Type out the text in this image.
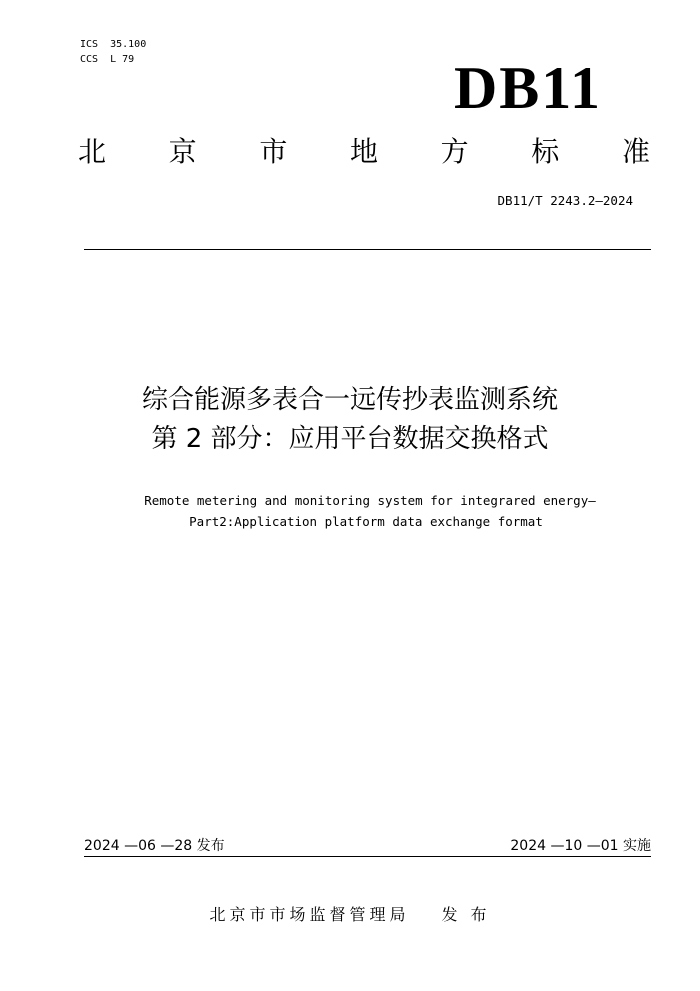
ICS  35.100
CCS  L 79	DB11
北 京 市 地 方 标 准
DB11/T 2243.2—2024
综合能源多表合一远传抄表监测系统
第 2 部分：应用平台数据交换格式
Remote metering and monitoring system for integrared energy—
Part2:Application platform data exchange format
2024 —06 —28 发布	2024 —10 —01 实施
北京市市场监督管理局 发 布
